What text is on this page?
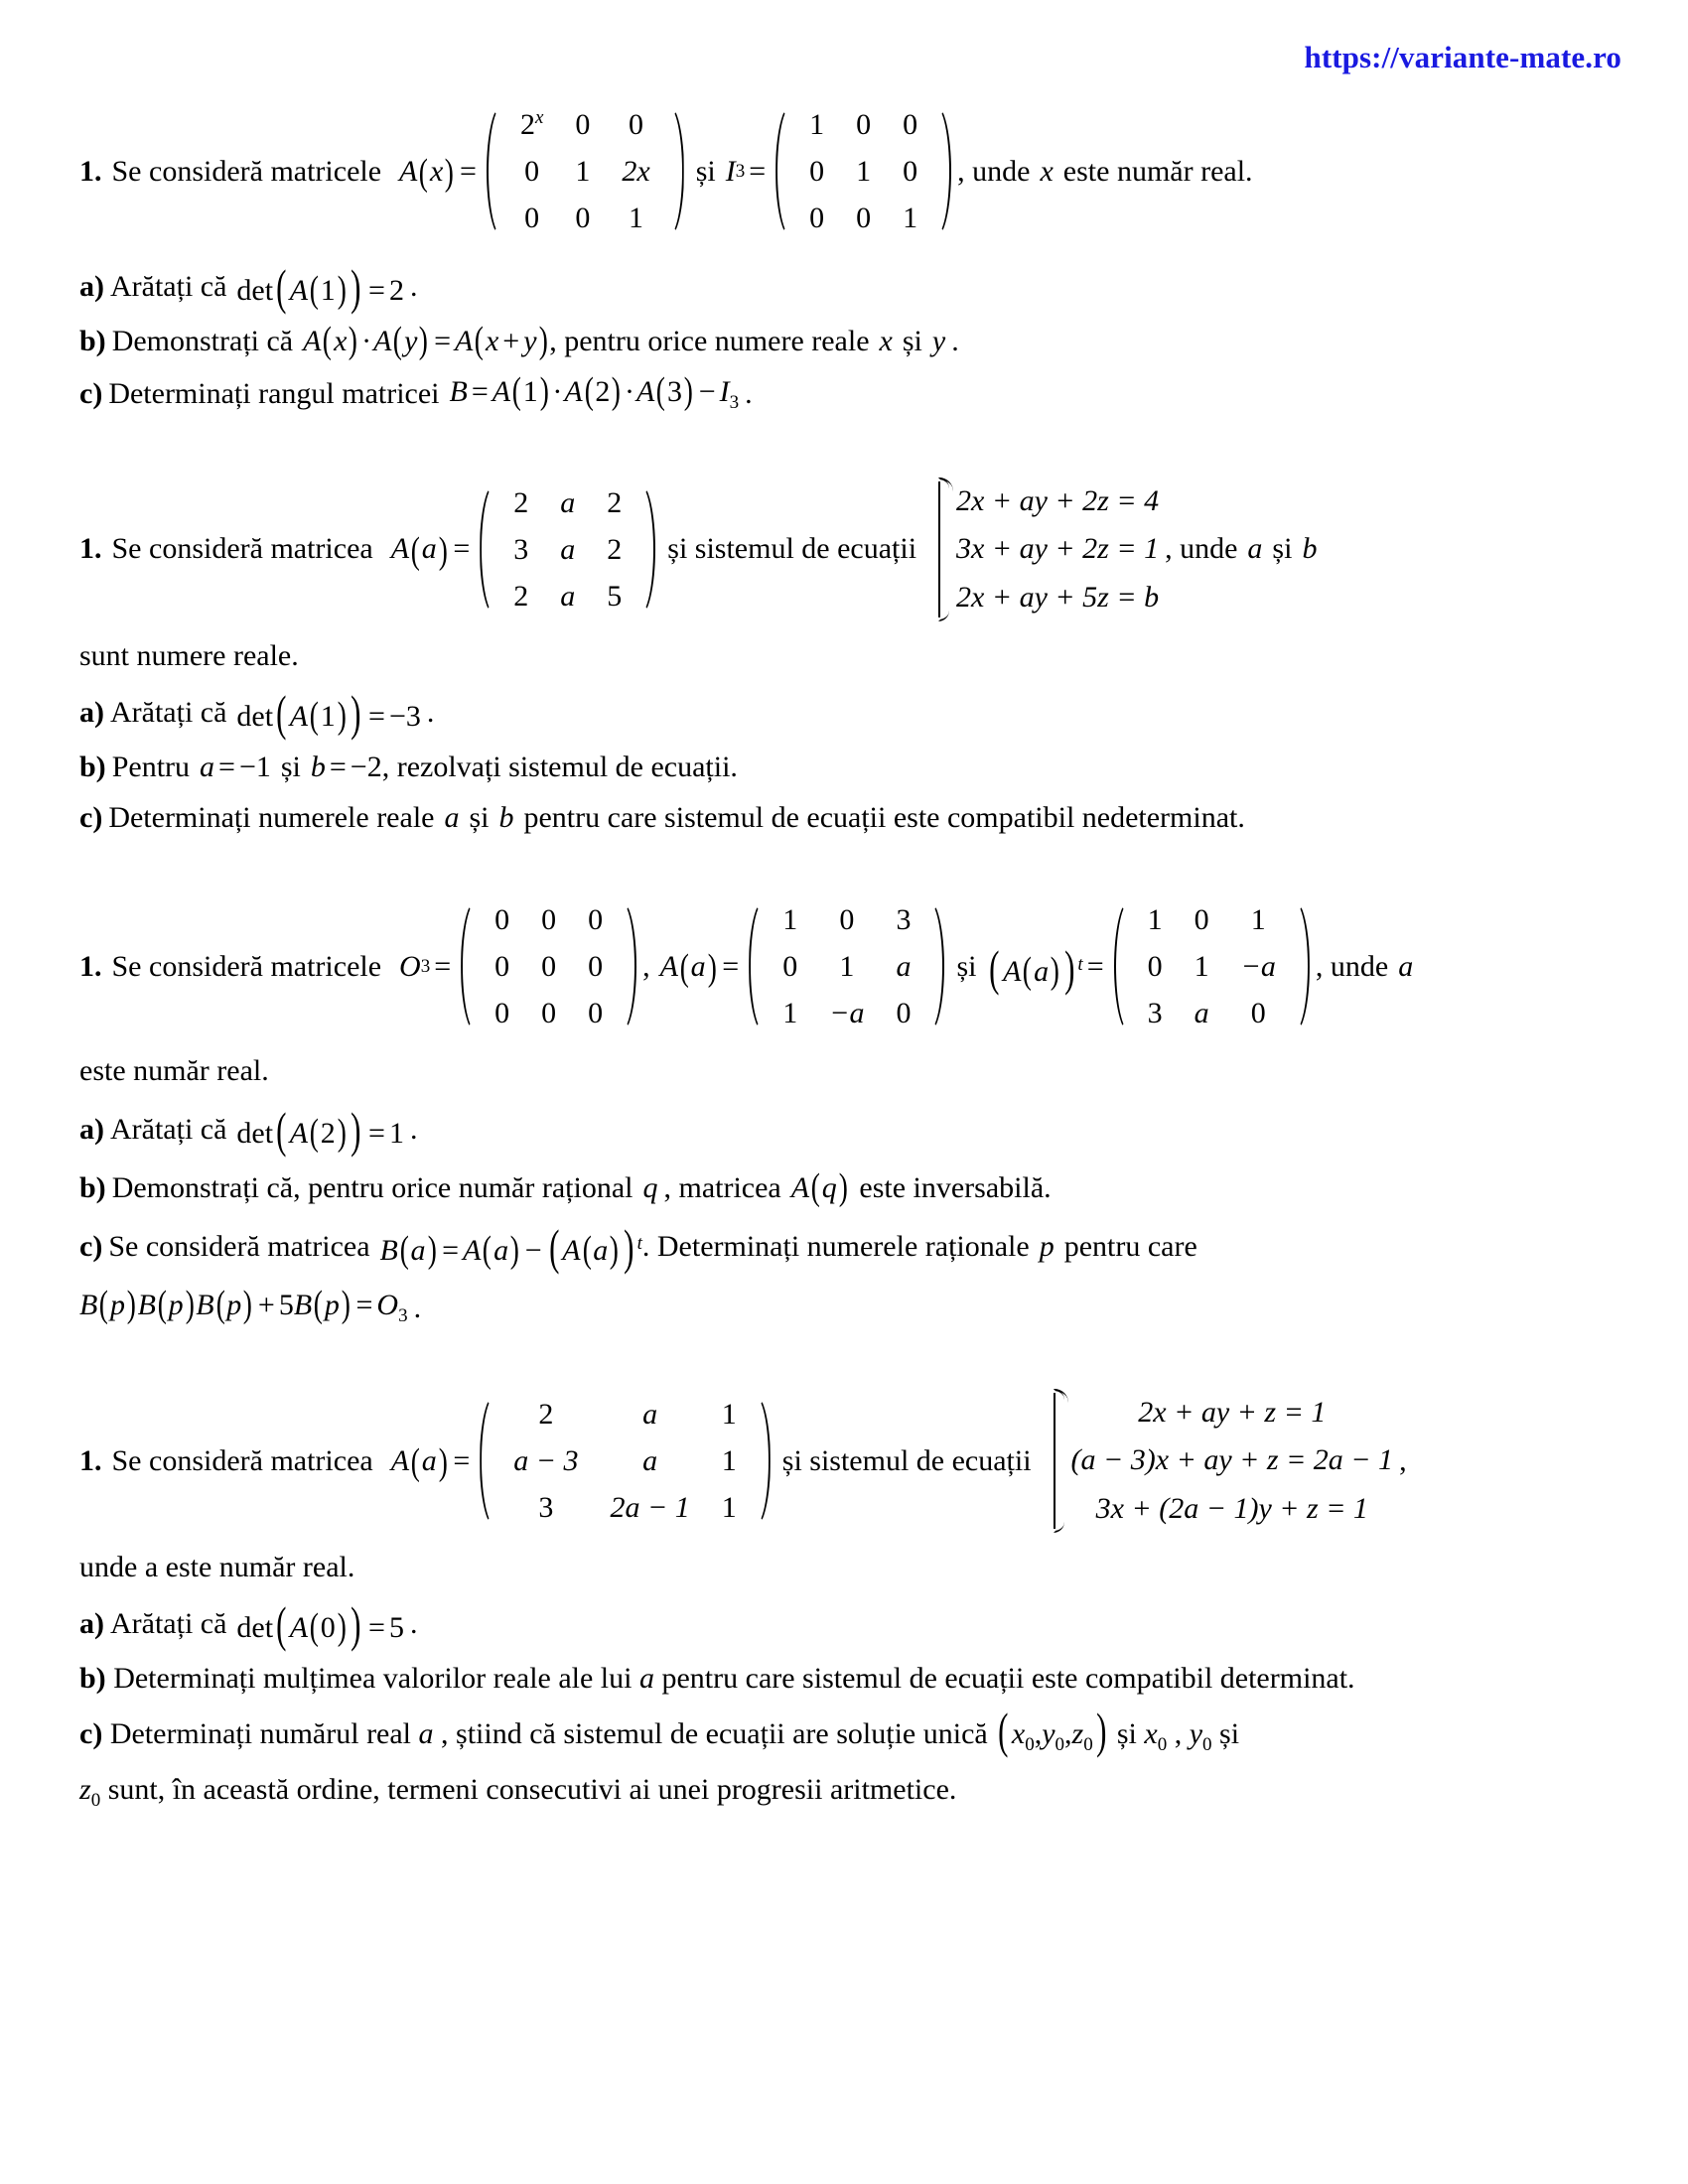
https://variante-mate.ro
1. Se consideră matricele A ( x ) =
$2^x$	0	0
0	1	2x
0	0	1
și I 3 =
1	0	0
0	1	0
0	0	1
, unde x este număr real.
a) Arătați că det( A(1)) = 2 .
b) Demonstrați că A(x) ·A(y) = A(x + y) , pentru orice numere reale x și y .
c) Determinați rangul matricei $B = A(1) \cdot A(2) \cdot A(3) - I_3$ .
1. Se consideră matricea A ( a ) =
2	a	2
3	a	2
2	a	5
și sistemul de ecuații
2x + ay + 2z = 4
3x + ay + 2z = 1
2x + ay + 5z = b
, unde a și b
sunt numere reale.
a) Arătați că det( A(1)) = −3 .
b) Pentru a = −1 și b = −2 , rezolvați sistemul de ecuații.
c) Determinați numerele reale a și b pentru care sistemul de ecuații este compatibil nedeterminat.
1. Se consideră matricele O 3 =
0	0	0
0	0	0
0	0	0
, A ( a ) =
1	0	3
0	1	a
1	−a	0
și ( A(a)) $^t$ =
1	0	1
0	1	−a
3	a	0
, unde a
este număr real.
a) Arătați că det( A(2)) = 1 .
b) Demonstrați că, pentru orice număr rațional q , matricea A(q) este inversabilă.
c) Se consideră matricea B(a) = A(a) − ( A(a)) $^t$ . Determinați numerele raționale p pentru care
$B(p)B(p)B(p) + 5B(p) = O_3$ .
1. Se consideră matricea A ( a ) =
2	a	1
a − 3	a	1
3	2a − 1	1
și sistemul de ecuații
2x + ay + z = 1
(a − 3)x + ay + z = 2a − 1
3x + (2a − 1)y + z = 1
,
unde a este număr real.
a) Arătați că det( A(0)) = 5 .
b) Determinați mulțimea valorilor reale ale lui a pentru care sistemul de ecuații este compatibil determinat.
c) Determinați numărul real a , știind că sistemul de ecuații are soluție unică ( $x_0,y_0,z_0$) și $x_0$ , $y_0$ și
$z_0$ sunt, în această ordine, termeni consecutivi ai unei progresii aritmetice.
